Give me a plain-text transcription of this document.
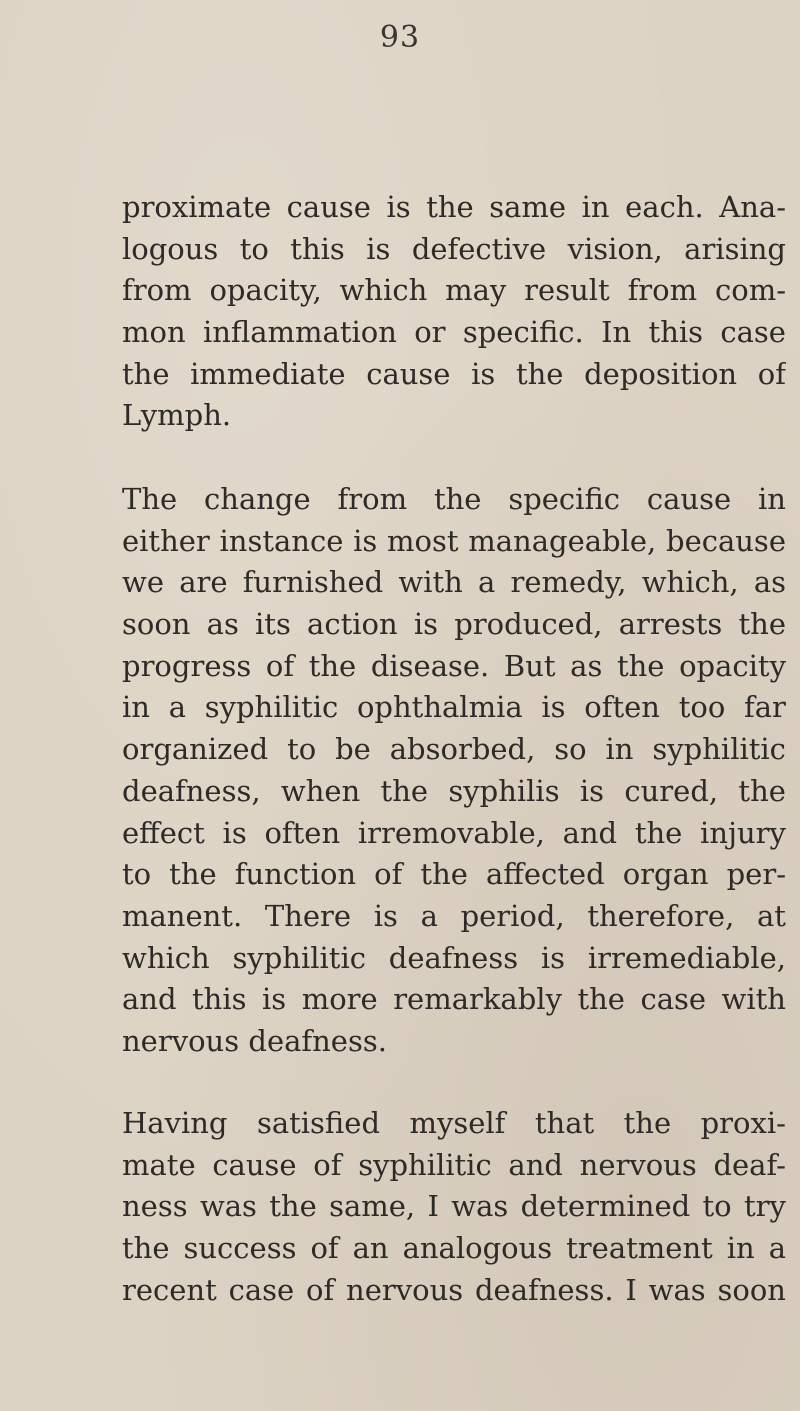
93
proximate cause is the same in each. Ana-
logous to this is defective vision, arising
from opacity, which may result from com-
mon inflammation or specific. In this case
the immediate cause is the deposition of
Lymph.
The change from the specific cause in
either instance is most manageable, because
we are furnished with a remedy, which, as
soon as its action is produced, arrests the
progress of the disease. But as the opacity
in a syphilitic ophthalmia is often too far
organized to be absorbed, so in syphilitic
deafness, when the syphilis is cured, the
effect is often irremovable, and the injury
to the function of the affected organ per-
manent. There is a period, therefore, at
which syphilitic deafness is irremediable,
and this is more remarkably the case with
nervous deafness.
Having satisfied myself that the proxi-
mate cause of syphilitic and nervous deaf-
ness was the same, I was determined to try
the success of an analogous treatment in a
recent case of nervous deafness. I was soon
